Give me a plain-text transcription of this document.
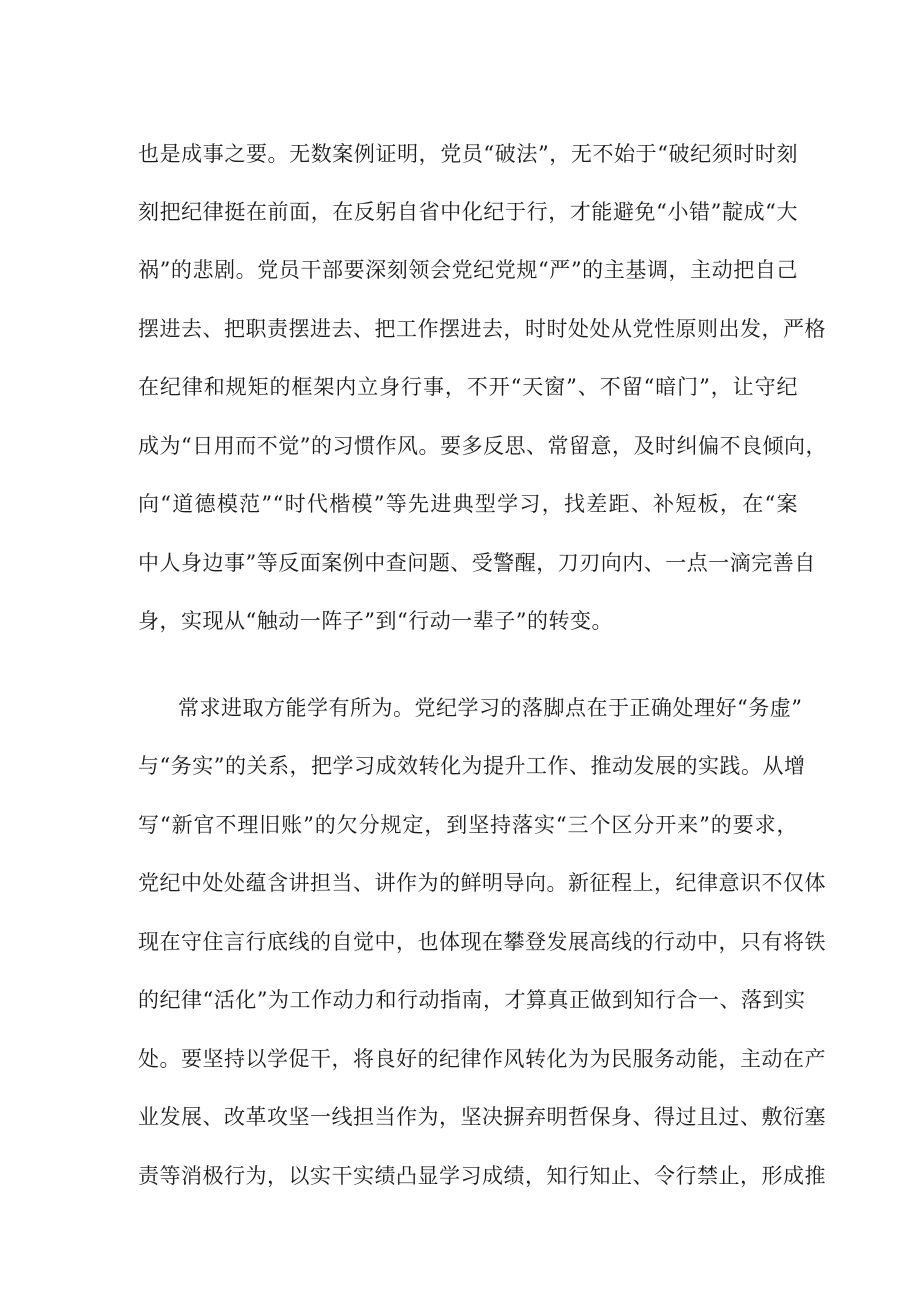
也是成事之要。无数案例证明，党员“破法”，无不始于“破纪须时时刻
刻把纪律挺在前面，在反躬自省中化纪于行，才能避免“小错”靛成“大
祸”的悲剧。党员干部要深刻领会党纪党规“严”的主基调，主动把自己
摆进去、把职责摆进去、把工作摆进去，时时处处从党性原则出发，严格
在纪律和规矩的框架内立身行事，不开“天窗”、不留“暗门”，让守纪
成为“日用而不觉”的习惯作风。要多反思、常留意，及时纠偏不良倾向，
向“道德模范”“时代楷模”等先进典型学习，找差距、补短板，在“案
中人身边事”等反面案例中查问题、受警醒，刀刃向内、一点一滴完善自
身，实现从“触动一阵子”到“行动一辈子”的转变。
常求进取方能学有所为。党纪学习的落脚点在于正确处理好“务虚”
与“务实”的关系，把学习成效转化为提升工作、推动发展的实践。从增
写“新官不理旧账”的欠分规定，到坚持落实“三个区分开来”的要求，
党纪中处处蕴含讲担当、讲作为的鲜明导向。新征程上，纪律意识不仅体
现在守住言行底线的自觉中，也体现在攀登发展高线的行动中，只有将铁
的纪律“活化”为工作动力和行动指南，才算真正做到知行合一、落到实
处。要坚持以学促干，将良好的纪律作风转化为为民服务动能，主动在产
业发展、改革攻坚一线担当作为，坚决摒弃明哲保身、得过且过、敷衍塞
责等消极行为，以实干实绩凸显学习成绩，知行知止、令行禁止，形成推
